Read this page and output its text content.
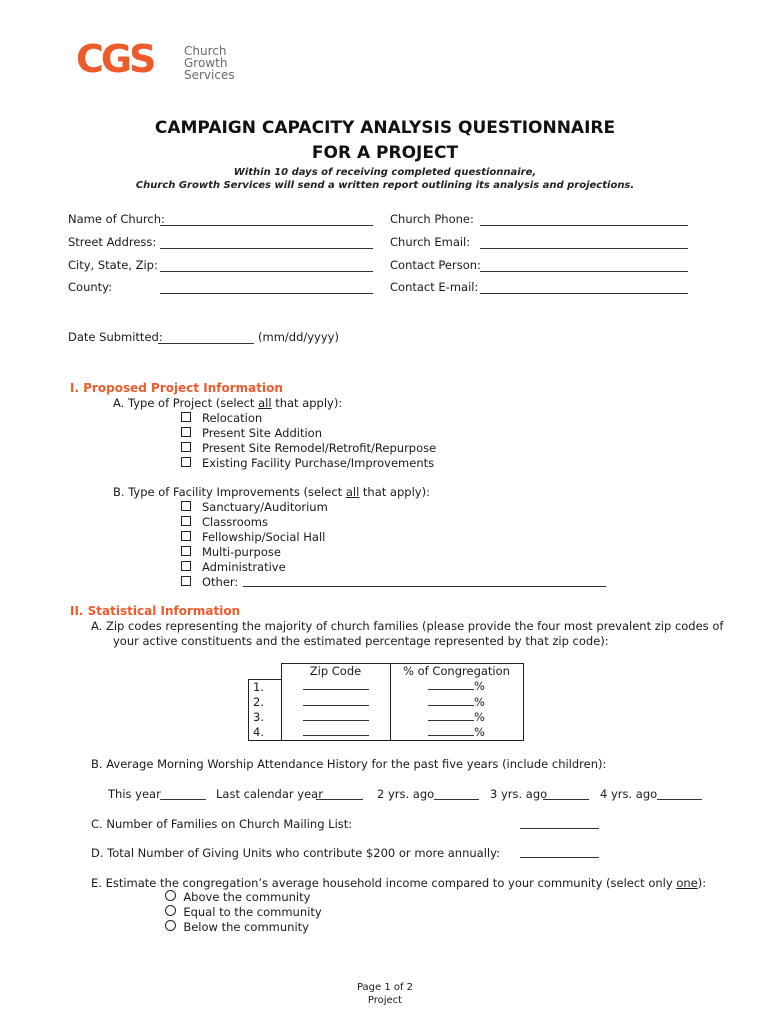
CGS	Church
Growth
Services
CAMPAIGN CAPACITY ANALYSIS QUESTIONNAIRE
FOR A PROJECT
Within 10 days of receiving completed questionnaire,
Church Growth Services will send a written report outlining its analysis and projections.
Name of Church:
Street Address:
City, State, Zip:
County:
Church Phone:
Church Email:
Contact Person:
Contact E-mail:
Date Submitted:	(mm/dd/yyyy)
I. Proposed Project Information
A. Type of Project (select all that apply):
Relocation
Present Site Addition
Present Site Remodel/Retrofit/Repurpose
Existing Facility Purchase/Improvements
B. Type of Facility Improvements (select all that apply):
Sanctuary/Auditorium
Classrooms
Fellowship/Social Hall
Multi-purpose
Administrative
Other:
II. Statistical Information
A. Zip codes representing the majority of church families (please provide the four most prevalent zip codes of
your active constituents and the estimated percentage represented by that zip code):
	Zip Code	% of Congregation
1.		%
2.		%
3.		%
4.		%
B. Average Morning Worship Attendance History for the past five years (include children):
This year	Last calendar year	2 yrs. ago	3 yrs. ago	4 yrs. ago
C. Number of Families on Church Mailing List:
D. Total Number of Giving Units who contribute $200 or more annually:
E. Estimate the congregation’s average household income compared to your community (select only one):
Above the community
Equal to the community
Below the community
Page 1 of 2
Project
